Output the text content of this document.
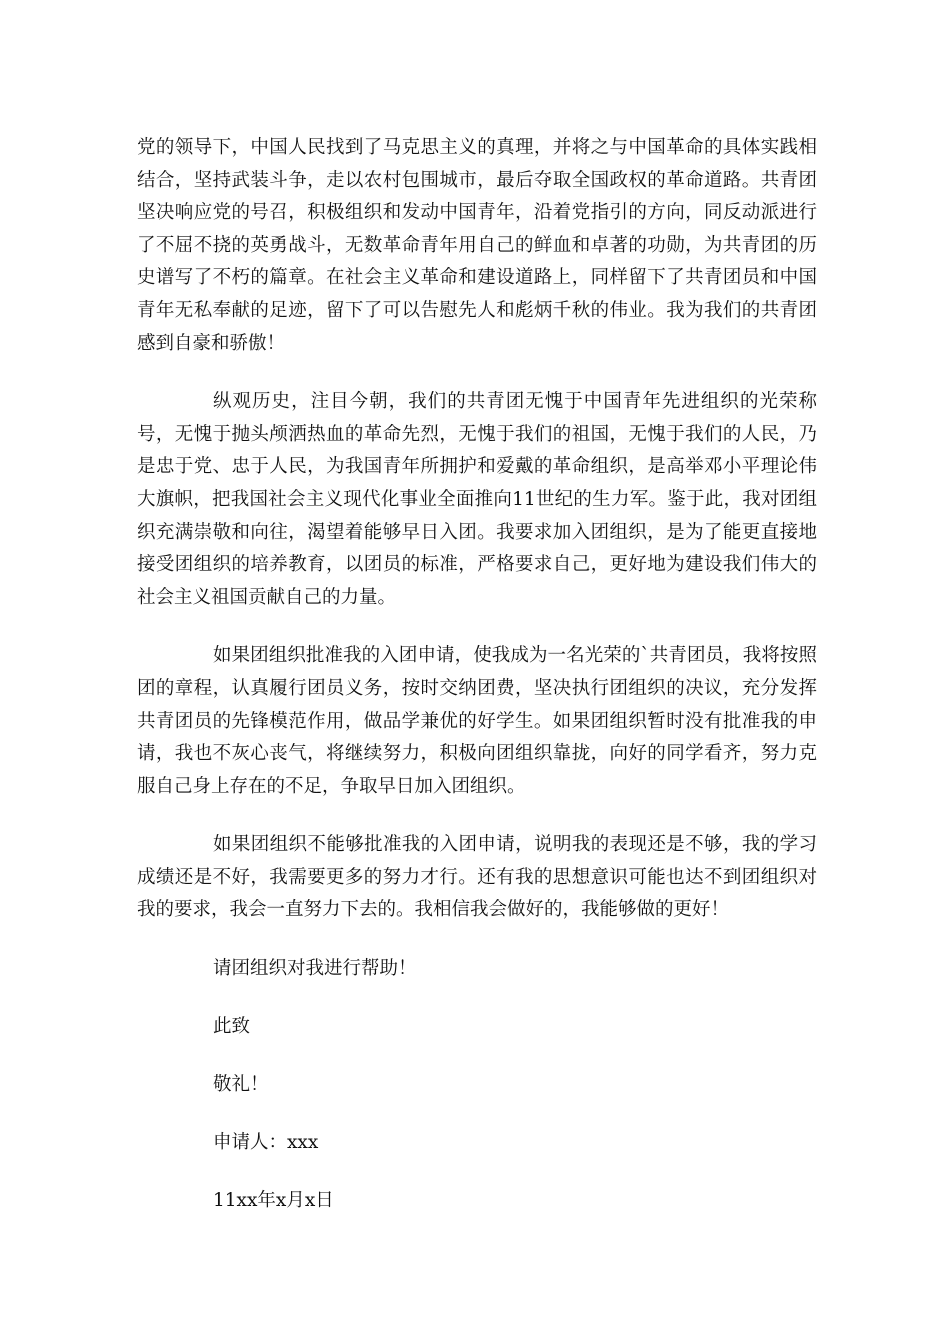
党的领导下，中国人民找到了马克思主义的真理，并将之与中国革命的具体实践相结合，坚持武装斗争，走以农村包围城市，最后夺取全国政权的革命道路。共青团坚决响应党的号召，积极组织和发动中国青年，沿着党指引的方向，同反动派进行了不屈不挠的英勇战斗，无数革命青年用自己的鲜血和卓著的功勋，为共青团的历史谱写了不朽的篇章。在社会主义革命和建设道路上，同样留下了共青团员和中国青年无私奉献的足迹，留下了可以告慰先人和彪炳千秋的伟业。我为我们的共青团感到自豪和骄傲！

纵观历史，注目今朝，我们的共青团无愧于中国青年先进组织的光荣称号，无愧于抛头颅洒热血的革命先烈，无愧于我们的祖国，无愧于我们的人民，乃是忠于党、忠于人民，为我国青年所拥护和爱戴的革命组织，是高举邓小平理论伟大旗帜，把我国社会主义现代化事业全面推向11世纪的生力军。鉴于此，我对团组织充满崇敬和向往，渴望着能够早日入团。我要求加入团组织，是为了能更直接地接受团组织的培养教育，以团员的标准，严格要求自己，更好地为建设我们伟大的社会主义祖国贡献自己的力量。

如果团组织批准我的入团申请，使我成为一名光荣的`共青团员，我将按照团的章程，认真履行团员义务，按时交纳团费，坚决执行团组织的决议，充分发挥共青团员的先锋模范作用，做品学兼优的好学生。如果团组织暂时没有批准我的申请，我也不灰心丧气，将继续努力，积极向团组织靠拢，向好的同学看齐，努力克服自己身上存在的不足，争取早日加入团组织。

如果团组织不能够批准我的入团申请，说明我的表现还是不够，我的学习成绩还是不好，我需要更多的努力才行。还有我的思想意识可能也达不到团组织对我的要求，我会一直努力下去的。我相信我会做好的，我能够做的更好！

请团组织对我进行帮助！

此致

敬礼！

申请人：xxx

11xx年x月x日
